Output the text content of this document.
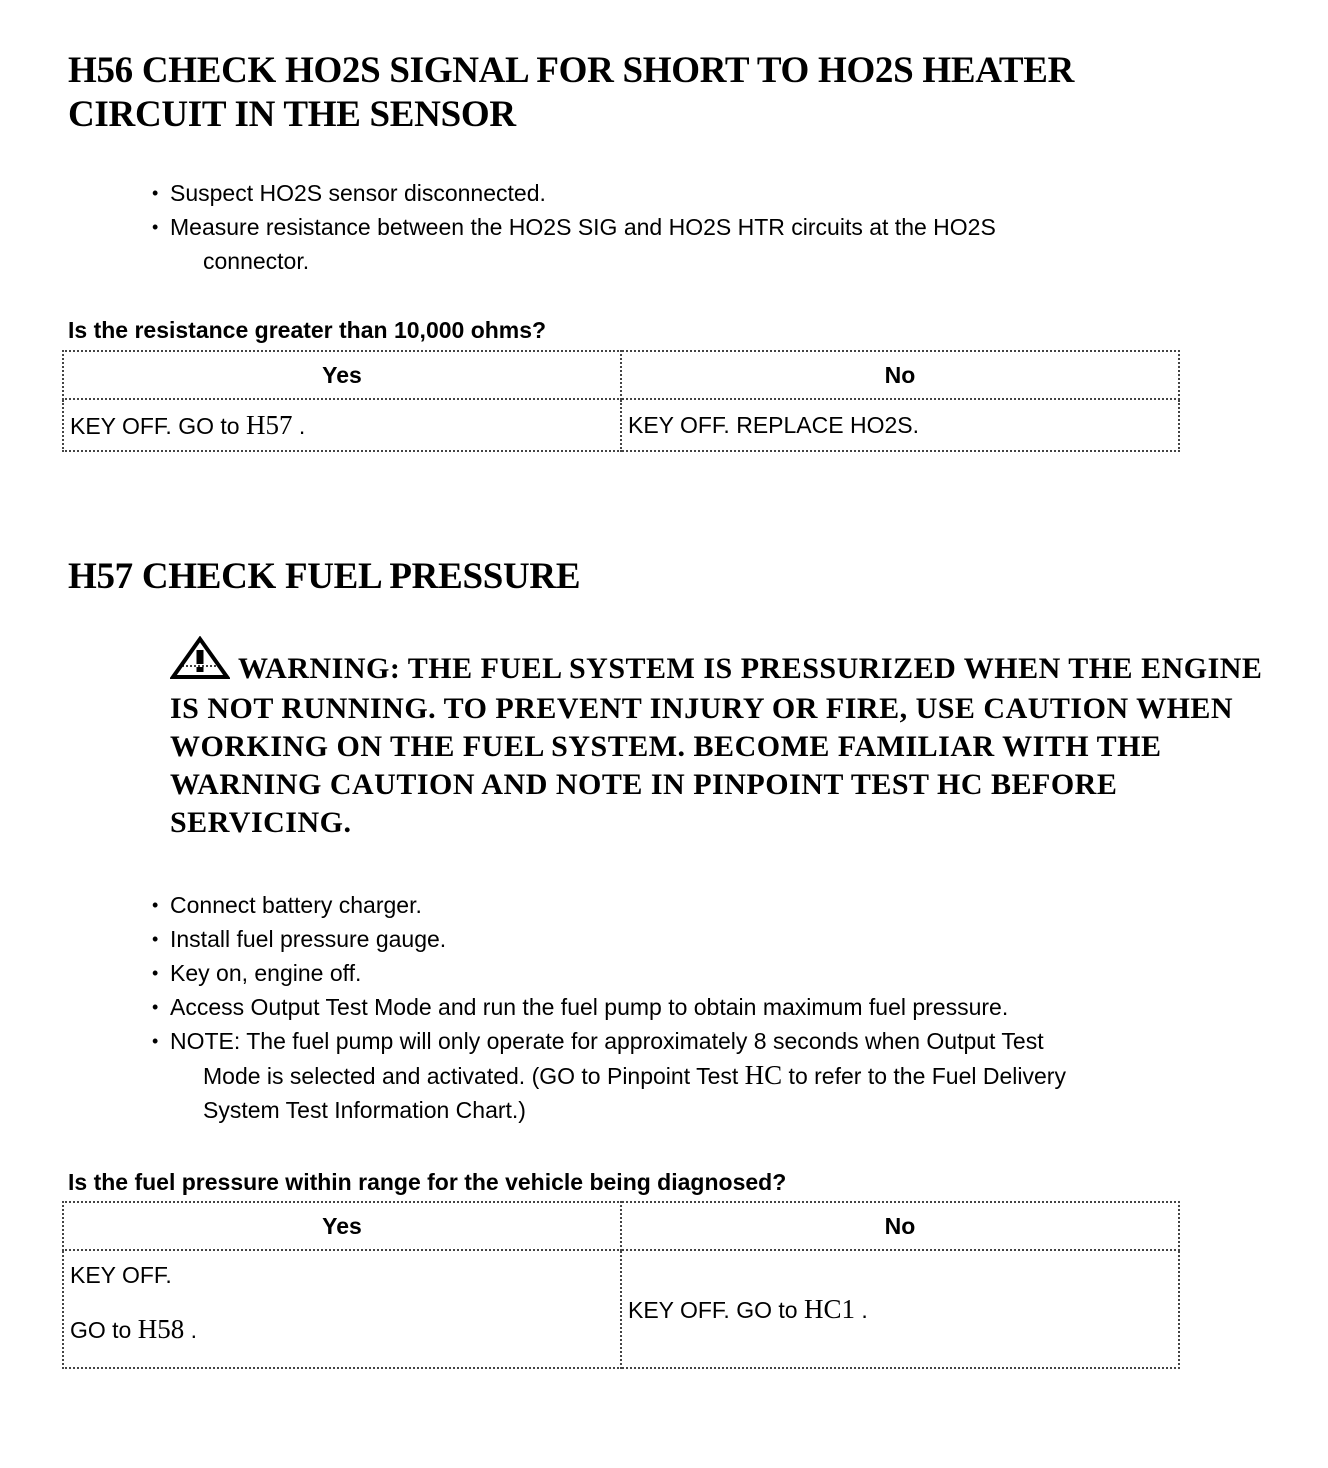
H56 CHECK HO2S SIGNAL FOR SHORT TO HO2S HEATER CIRCUIT IN THE SENSOR
• Suspect HO2S sensor disconnected.
• Measure resistance between the HO2S SIG and HO2S HTR circuits at the HO2S
connector.

Is the resistance greater than 10,000 ohms?

Yes	No
KEY OFF. GO to H57 .	KEY OFF. REPLACE HO2S.
H57 CHECK FUEL PRESSURE

WARNING: THE FUEL SYSTEM IS PRESSURIZED WHEN THE ENGINE IS NOT RUNNING. TO PREVENT INJURY OR FIRE, USE CAUTION WHEN WORKING ON THE FUEL SYSTEM. BECOME FAMILIAR WITH THE WARNING CAUTION AND NOTE IN PINPOINT TEST HC BEFORE SERVICING.

• Connect battery charger.
• Install fuel pressure gauge.
• Key on, engine off.
• Access Output Test Mode and run the fuel pump to obtain maximum fuel pressure.
• NOTE: The fuel pump will only operate for approximately 8 seconds when Output Test
Mode is selected and activated. (GO to Pinpoint Test HC to refer to the Fuel Delivery
System Test Information Chart.)

Is the fuel pressure within range for the vehicle being diagnosed?

Yes	No

KEY OFF.
GO to H58 .	KEY OFF. GO to HC1 .
